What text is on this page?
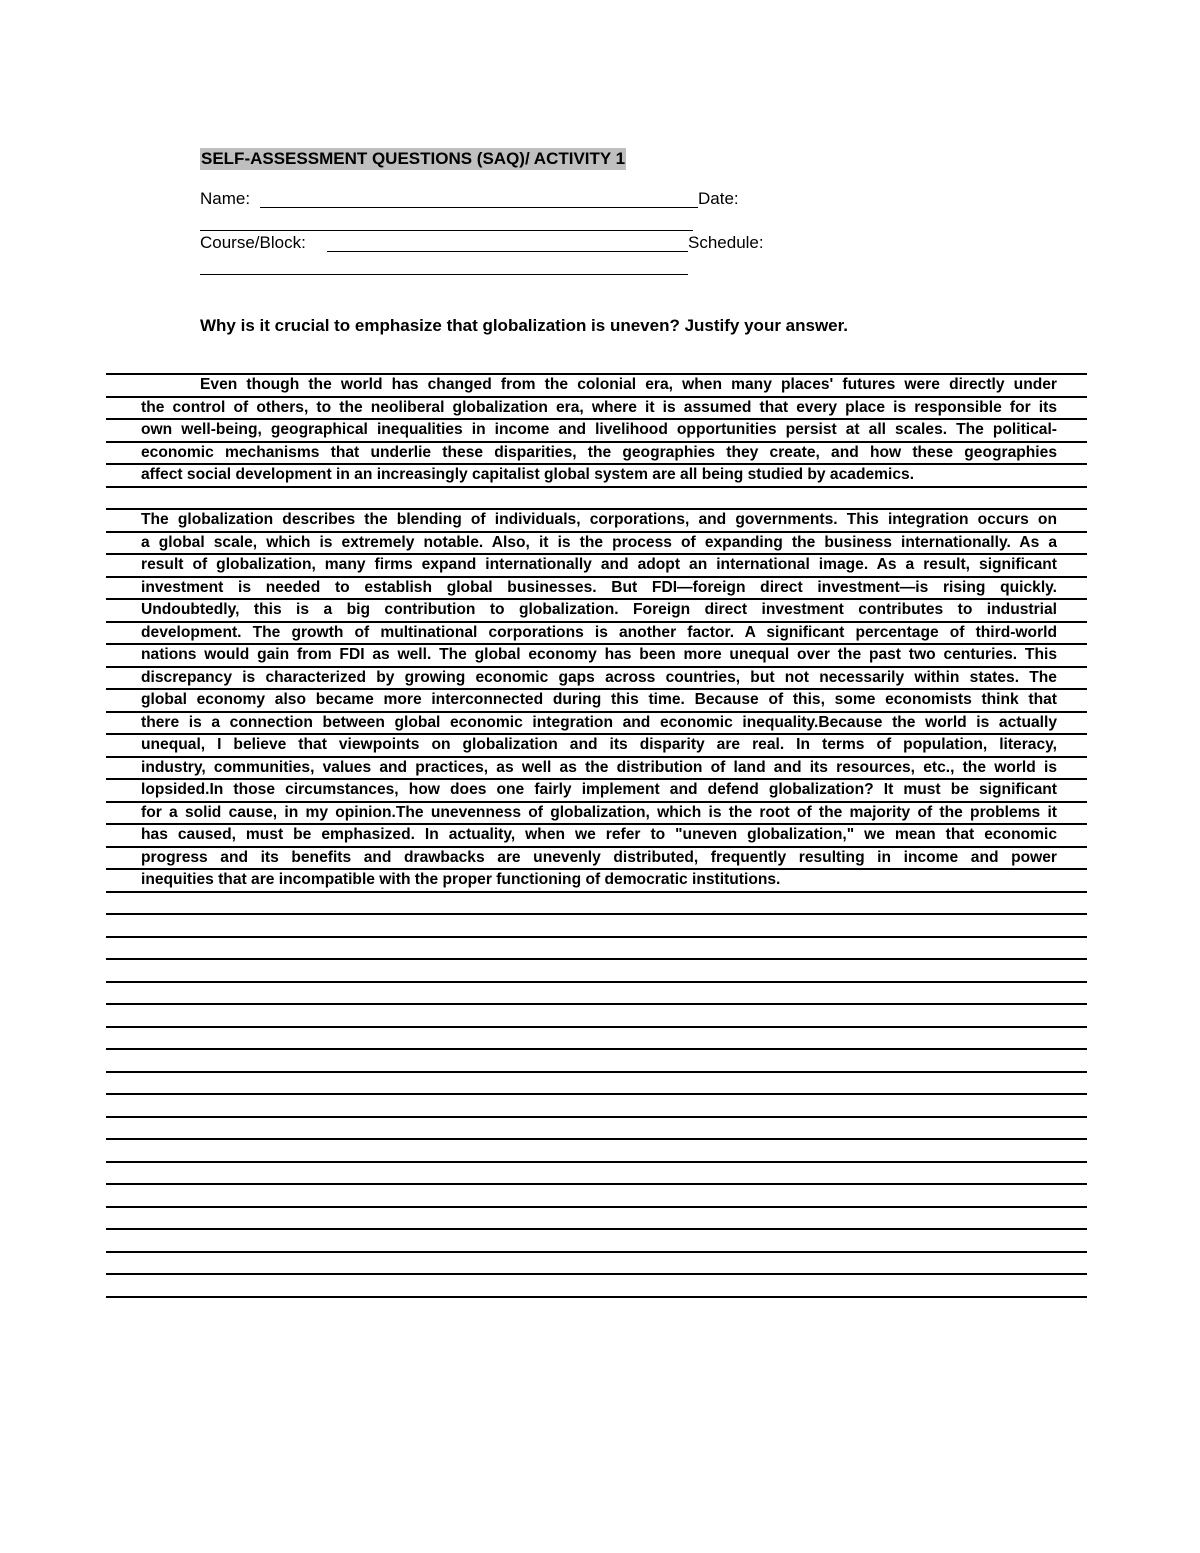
SELF-ASSESSMENT QUESTIONS (SAQ)/ ACTIVITY 1
Name:	Date:
Course/Block:	Schedule:
Why is it crucial to emphasize that globalization is uneven? Justify your answer.
Even though the world has changed from the colonial era, when many places' futures were directly under
the control of others, to the neoliberal globalization era, where it is assumed that every place is responsible for its
own well-being, geographical inequalities in income and livelihood opportunities persist at all scales. The political-
economic mechanisms that underlie these disparities, the geographies they create, and how these geographies
affect social development in an increasingly capitalist global system are all being studied by academics.
The globalization describes the blending of individuals, corporations, and governments. This integration occurs on
a global scale, which is extremely notable. Also, it is the process of expanding the business internationally. As a
result of globalization, many firms expand internationally and adopt an international image. As a result, significant
investment is needed to establish global businesses. But FDI—foreign direct investment—is rising quickly.
Undoubtedly, this is a big contribution to globalization. Foreign direct investment contributes to industrial
development. The growth of multinational corporations is another factor. A significant percentage of third-world
nations would gain from FDI as well. The global economy has been more unequal over the past two centuries. This
discrepancy is characterized by growing economic gaps across countries, but not necessarily within states. The
global economy also became more interconnected during this time. Because of this, some economists think that
there is a connection between global economic integration and economic inequality.Because the world is actually
unequal, I believe that viewpoints on globalization and its disparity are real. In terms of population, literacy,
industry, communities, values and practices, as well as the distribution of land and its resources, etc., the world is
lopsided.In those circumstances, how does one fairly implement and defend globalization? It must be significant
for a solid cause, in my opinion.The unevenness of globalization, which is the root of the majority of the problems it
has caused, must be emphasized. In actuality, when we refer to "uneven globalization," we mean that economic
progress and its benefits and drawbacks are unevenly distributed, frequently resulting in income and power
inequities that are incompatible with the proper functioning of democratic institutions.
